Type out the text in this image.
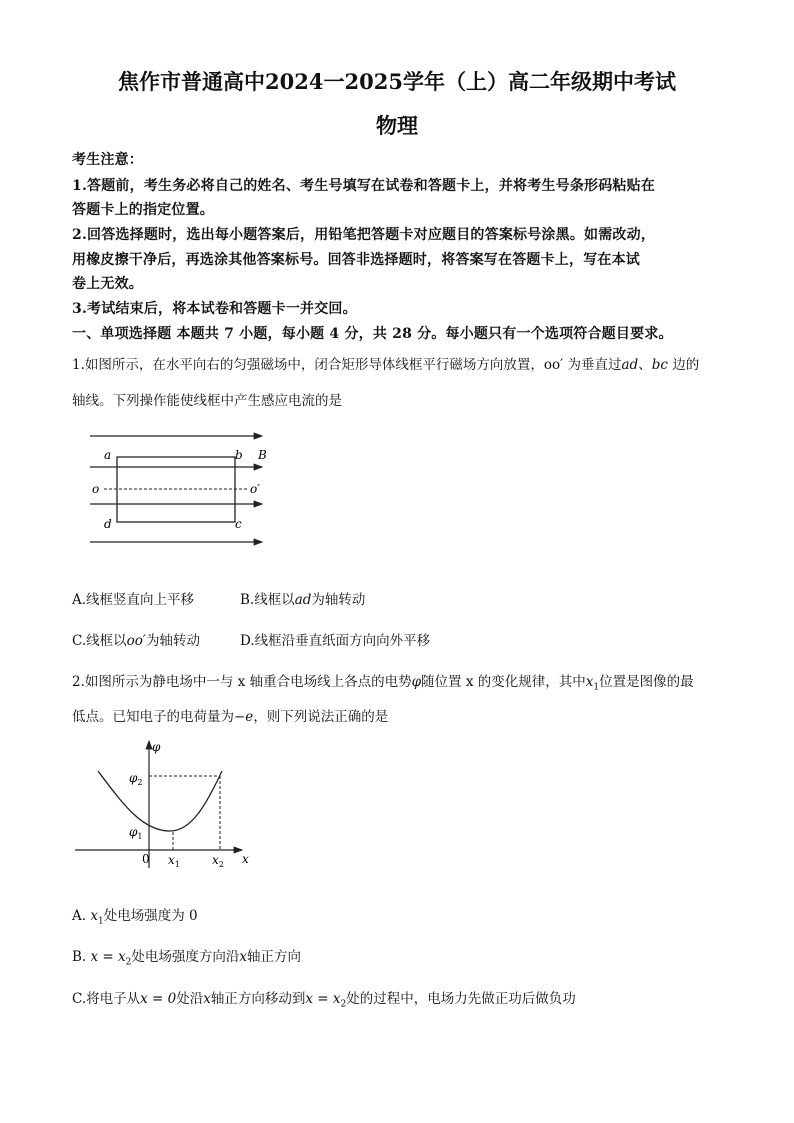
焦作市普通高中2024一2025学年（上）高二年级期中考试
物理
考生注意：
1.答题前，考生务必将自己的姓名、考生号填写在试卷和答题卡上，并将考生号条形码粘贴在
答题卡上的指定位置。
2.回答选择题时，选出每小题答案后，用铅笔把答题卡对应题目的答案标号涂黑。如需改动，
用橡皮擦干净后，再选涂其他答案标号。回答非选择题时，将答案写在答题卡上，写在本试
卷上无效。
3.考试结束后，将本试卷和答题卡一并交回。
一、单项选择题 本题共 7 小题，每小题 4 分，共 28 分。每小题只有一个选项符合题目要求。
1.如图所示，在水平向右的匀强磁场中，闭合矩形导体线框平行磁场方向放置，oo′ 为垂直过ad、bc 边的
轴线。下列操作能使线框中产生感应电流的是
a	b B
o	o′
d	c
A.线框竖直向上平移	B.线框以ad为轴转动
C.线框以oo′为轴转动	D.线框沿垂直纸面方向向外平移
2.如图所示为静电场中一与 x 轴重合电场线上各点的电势φ随位置 x 的变化规律，其中$x_1$位置是图像的最
低点。已知电子的电荷量为−e，则下列说法正确的是
φ
$\varphi_2$
$\varphi_1$
0 $x_1$	$x_2$ x
A. $x_1$处电场强度为 0
B. $x = x_2$处电场强度方向沿x轴正方向
C.将电子从x = 0处沿x轴正方向移动到$x = x_2$处的过程中，电场力先做正功后做负功
